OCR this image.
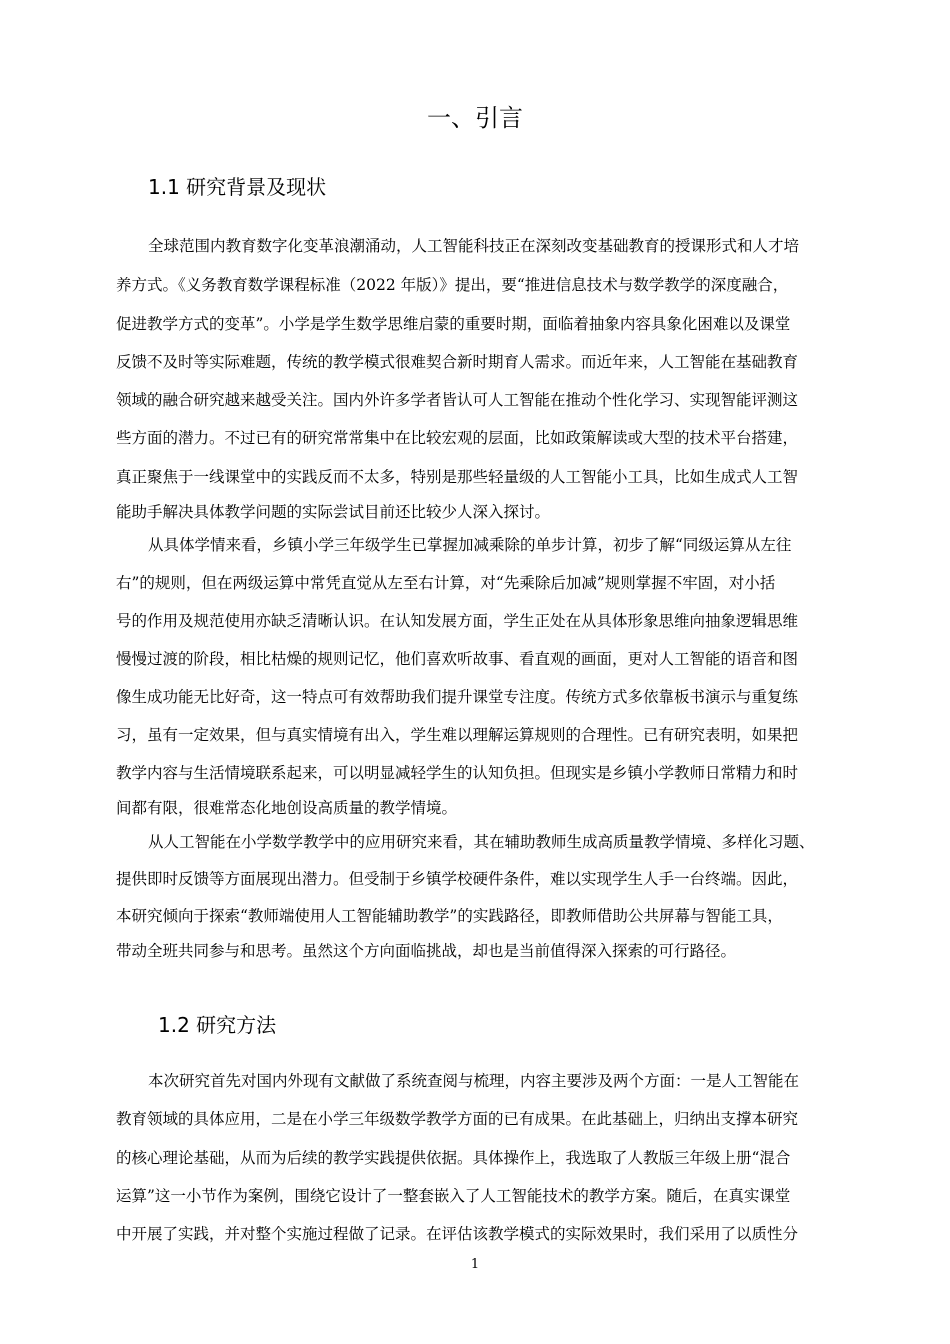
一、引言
1.1 研究背景及现状

全球范围内教育数字化变革浪潮涌动，人工智能科技正在深刻改变基础教育的授课形式和人才培

养方式。《义务教育数学课程标准（2022 年版）》提出，要“推进信息技术与数学教学的深度融合，

促进教学方式的变革”。小学是学生数学思维启蒙的重要时期，面临着抽象内容具象化困难以及课堂

反馈不及时等实际难题，传统的教学模式很难契合新时期育人需求。而近年来，人工智能在基础教育

领域的融合研究越来越受关注。国内外许多学者皆认可人工智能在推动个性化学习、实现智能评测这

些方面的潜力。不过已有的研究常常集中在比较宏观的层面，比如政策解读或大型的技术平台搭建，

真正聚焦于一线课堂中的实践反而不太多，特别是那些轻量级的人工智能小工具，比如生成式人工智

能助手解决具体教学问题的实际尝试目前还比较少人深入探讨。

从具体学情来看，乡镇小学三年级学生已掌握加减乘除的单步计算，初步了解“同级运算从左往

右”的规则，但在两级运算中常凭直觉从左至右计算，对“先乘除后加减”规则掌握不牢固，对小括

号的作用及规范使用亦缺乏清晰认识。在认知发展方面，学生正处在从具体形象思维向抽象逻辑思维

慢慢过渡的阶段，相比枯燥的规则记忆，他们喜欢听故事、看直观的画面，更对人工智能的语音和图

像生成功能无比好奇，这一特点可有效帮助我们提升课堂专注度。传统方式多依靠板书演示与重复练

习，虽有一定效果，但与真实情境有出入，学生难以理解运算规则的合理性。已有研究表明，如果把

教学内容与生活情境联系起来，可以明显减轻学生的认知负担。但现实是乡镇小学教师日常精力和时

间都有限，很难常态化地创设高质量的教学情境。

从人工智能在小学数学教学中的应用研究来看，其在辅助教师生成高质量教学情境、多样化习题、

提供即时反馈等方面展现出潜力。但受制于乡镇学校硬件条件，难以实现学生人手一台终端。因此，

本研究倾向于探索“教师端使用人工智能辅助教学”的实践路径，即教师借助公共屏幕与智能工具，

带动全班共同参与和思考。虽然这个方向面临挑战，却也是当前值得深入探索的可行路径。

1.2 研究方法

本次研究首先对国内外现有文献做了系统查阅与梳理，内容主要涉及两个方面：一是人工智能在

教育领域的具体应用，二是在小学三年级数学教学方面的已有成果。在此基础上，归纳出支撑本研究

的核心理论基础，从而为后续的教学实践提供依据。具体操作上，我选取了人教版三年级上册“混合

运算”这一小节作为案例，围绕它设计了一整套嵌入了人工智能技术的教学方案。随后，在真实课堂

中开展了实践，并对整个实施过程做了记录。在评估该教学模式的实际效果时，我们采用了以质性分

1
